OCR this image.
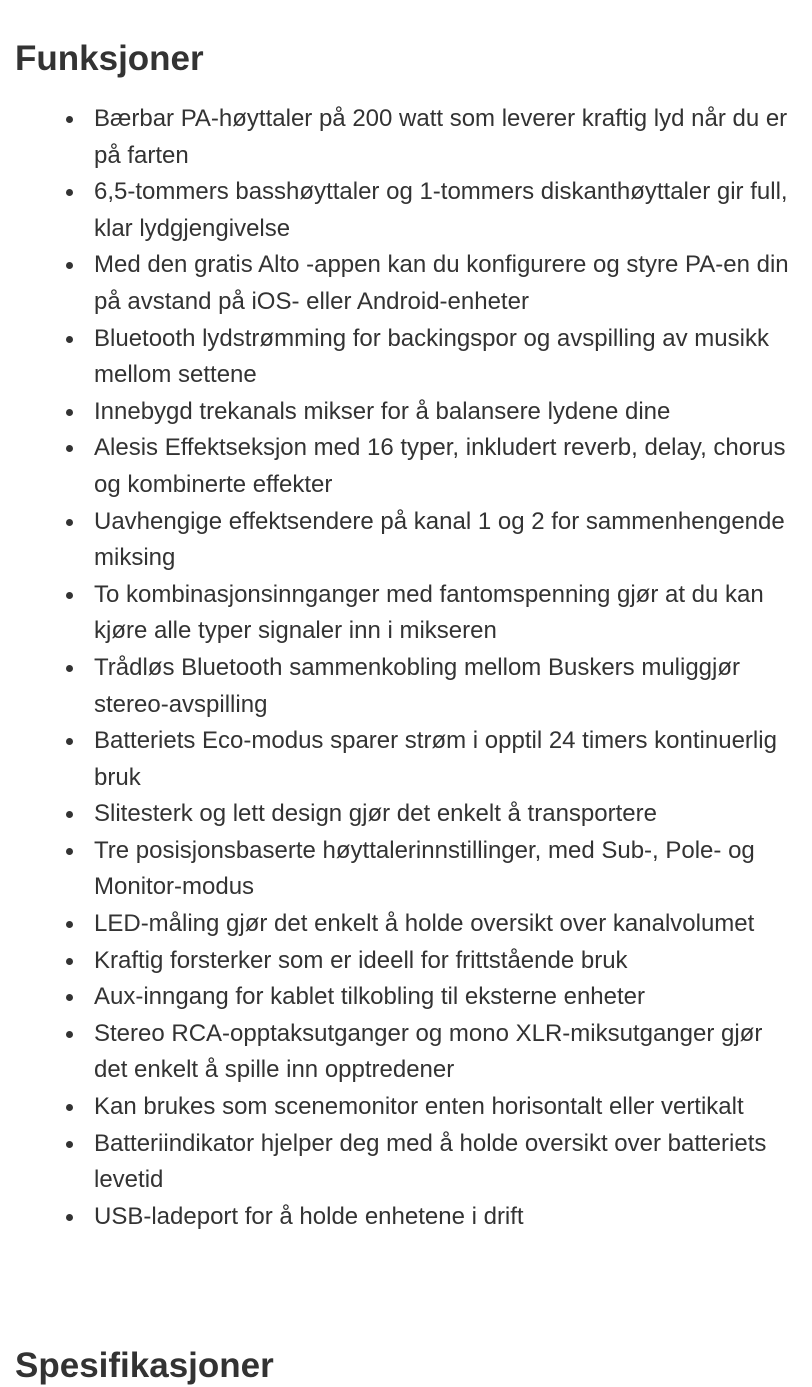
Funksjoner
Bærbar PA-høyttaler på 200 watt som leverer kraftig lyd når du er på farten
6,5-tommers basshøyttaler og 1-tommers diskanthøyttaler gir full, klar lydgjengivelse
Med den gratis Alto -appen kan du konfigurere og styre PA-en din på avstand på iOS- eller Android-enheter
Bluetooth lydstrømming for backingspor og avspilling av musikk mellom settene
Innebygd trekanals mikser for å balansere lydene dine
Alesis Effektseksjon med 16 typer, inkludert reverb, delay, chorus og kombinerte effekter
Uavhengige effektsendere på kanal 1 og 2 for sammenhengende miksing
To kombinasjonsinnganger med fantomspenning gjør at du kan kjøre alle typer signaler inn i mikseren
Trådløs Bluetooth sammenkobling mellom Buskers muliggjør stereo-avspilling
Batteriets Eco-modus sparer strøm i opptil 24 timers kontinuerlig bruk
Slitesterk og lett design gjør det enkelt å transportere
Tre posisjonsbaserte høyttalerinnstillinger, med Sub-, Pole- og Monitor-modus
LED-måling gjør det enkelt å holde oversikt over kanalvolumet
Kraftig forsterker som er ideell for frittstående bruk
Aux-inngang for kablet tilkobling til eksterne enheter
Stereo RCA-opptaksutganger og mono XLR-miksutganger gjør det enkelt å spille inn opptredener
Kan brukes som scenemonitor enten horisontalt eller vertikalt
Batteriindikator hjelper deg med å holde oversikt over batteriets levetid
USB-ladeport for å holde enhetene i drift
Spesifikasjoner
